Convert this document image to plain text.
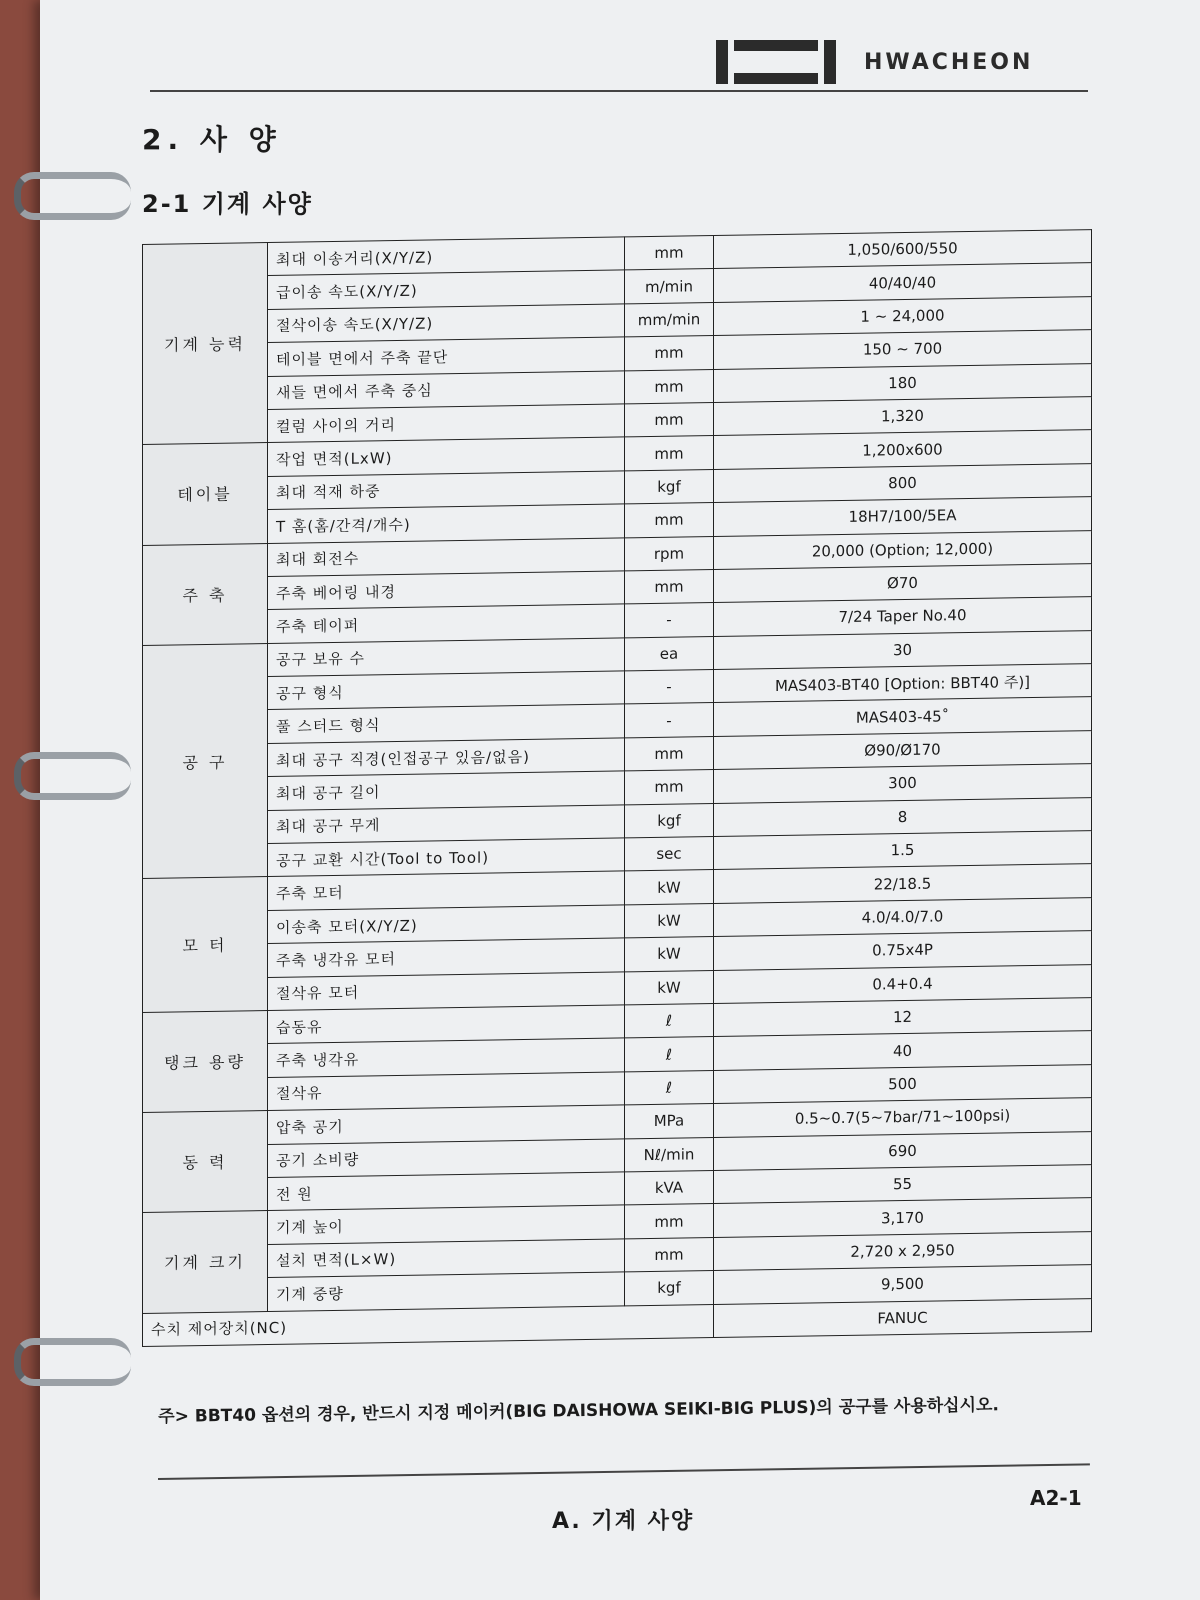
HWACHEON
2. 사 양
2-1 기계 사양
기계 능력	최대 이송거리(X/Y/Z)	mm	1,050/600/550
	급이송 속도(X/Y/Z)	m/min	40/40/40
	절삭이송 속도(X/Y/Z)	mm/min	1 ~ 24,000
	테이블 면에서 주축 끝단	mm	150 ~ 700
	새들 면에서 주축 중심	mm	180
	컬럼 사이의 거리	mm	1,320
테이블	작업 면적(LxW)	mm	1,200x600
	최대 적재 하중	kgf	800
	T 홈(홈/간격/개수)	mm	18H7/100/5EA
주 축	최대 회전수	rpm	20,000 (Option; 12,000)
	주축 베어링 내경	mm	Ø70
	주축 테이퍼	-	7/24 Taper No.40
공 구	공구 보유 수	ea	30
	공구 형식	-	MAS403-BT40 [Option: BBT40 주)]
	풀 스터드 형식	-	MAS403-45˚
	최대 공구 직경(인접공구 있음/없음)	mm	Ø90/Ø170
	최대 공구 길이	mm	300
	최대 공구 무게	kgf	8
	공구 교환 시간(Tool to Tool)	sec	1.5
모 터	주축 모터	kW	22/18.5
	이송축 모터(X/Y/Z)	kW	4.0/4.0/7.0
	주축 냉각유 모터	kW	0.75x4P
	절삭유 모터	kW	0.4+0.4
탱크 용량	습동유	ℓ	12
	주축 냉각유	ℓ	40
	절삭유	ℓ	500
동 력	압축 공기	MPa	0.5~0.7(5~7bar/71~100psi)
	공기 소비량	Nℓ/min	690
	전 원	kVA	55
기계 크기	기계 높이	mm	3,170
	설치 면적(L×W)	mm	2,720 x 2,950
	기계 중량	kgf	9,500
수치 제어장치(NC)			FANUC
주> BBT40 옵션의 경우, 반드시 지정 메이커(BIG DAISHOWA SEIKI-BIG PLUS)의 공구를 사용하십시오.
A. 기계 사양
A2-1
